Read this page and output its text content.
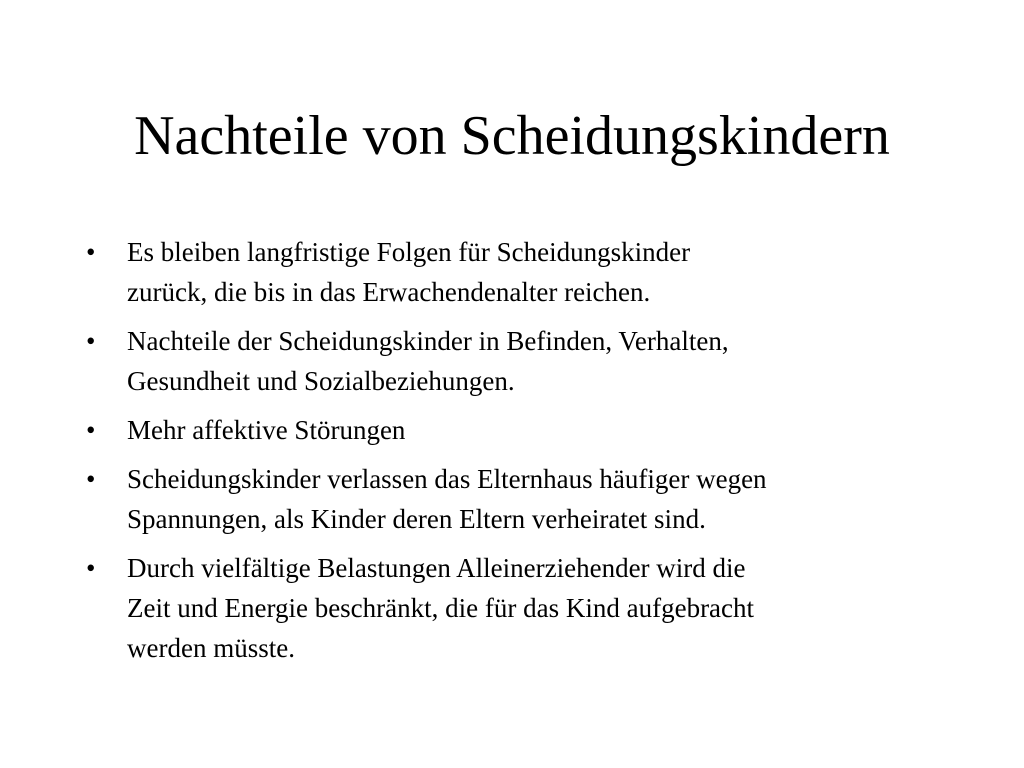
Nachteile von Scheidungskindern
• Es bleiben langfristige Folgen für Scheidungskinder
zurück, die bis in das Erwachendenalter reichen.
• Nachteile der Scheidungskinder in Befinden, Verhalten,
Gesundheit und Sozialbeziehungen.
• Mehr affektive Störungen
• Scheidungskinder verlassen das Elternhaus häufiger wegen
Spannungen, als Kinder deren Eltern verheiratet sind.
• Durch vielfältige Belastungen Alleinerziehender wird die
Zeit und Energie beschränkt, die für das Kind aufgebracht
werden müsste.
